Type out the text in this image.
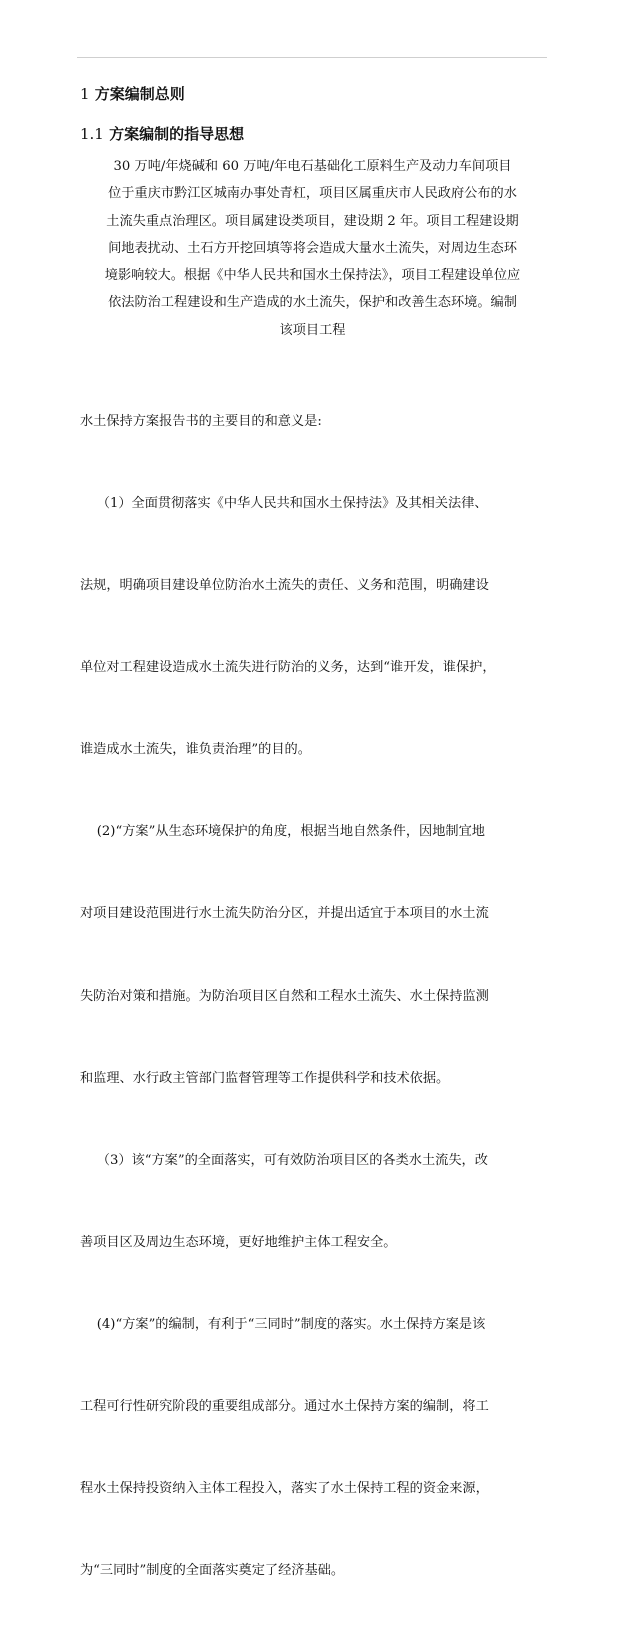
1 方案编制总则
1.1 方案编制的指导思想
30 万吨/年烧碱和 60 万吨/年电石基础化工原料生产及动力车间项目
位于重庆市黔江区城南办事处青杠，项目区属重庆市人民政府公布的水
土流失重点治理区。项目属建设类项目，建设期 2 年。项目工程建设期
间地表扰动、土石方开挖回填等将会造成大量水土流失，对周边生态环
境影响较大。根据《中华人民共和国水土保持法》，项目工程建设单位应
依法防治工程建设和生产造成的水土流失，保护和改善生态环境。编制
该项目工程

水土保持方案报告书的主要目的和意义是:

（1）全面贯彻落实《中华人民共和国水土保持法》及其相关法律、

法规，明确项目建设单位防治水土流失的责任、义务和范围，明确建设

单位对工程建设造成水土流失进行防治的义务，达到“谁开发，谁保护，

谁造成水土流失，谁负责治理”的目的。

(2)“方案”从生态环境保护的角度，根据当地自然条件，因地制宜地

对项目建设范围进行水土流失防治分区，并提出适宜于本项目的水土流

失防治对策和措施。为防治项目区自然和工程水土流失、水土保持监测

和监理、水行政主管部门监督管理等工作提供科学和技术依据。

（3）该“方案”的全面落实，可有效防治项目区的各类水土流失，改

善项目区及周边生态环境，更好地维护主体工程安全。

(4)“方案”的编制，有利于“三同时”制度的落实。水土保持方案是该

工程可行性研究阶段的重要组成部分。通过水土保持方案的编制，将工

程水土保持投资纳入主体工程投入，落实了水土保持工程的资金来源，

为“三同时”制度的全面落实奠定了经济基础。
